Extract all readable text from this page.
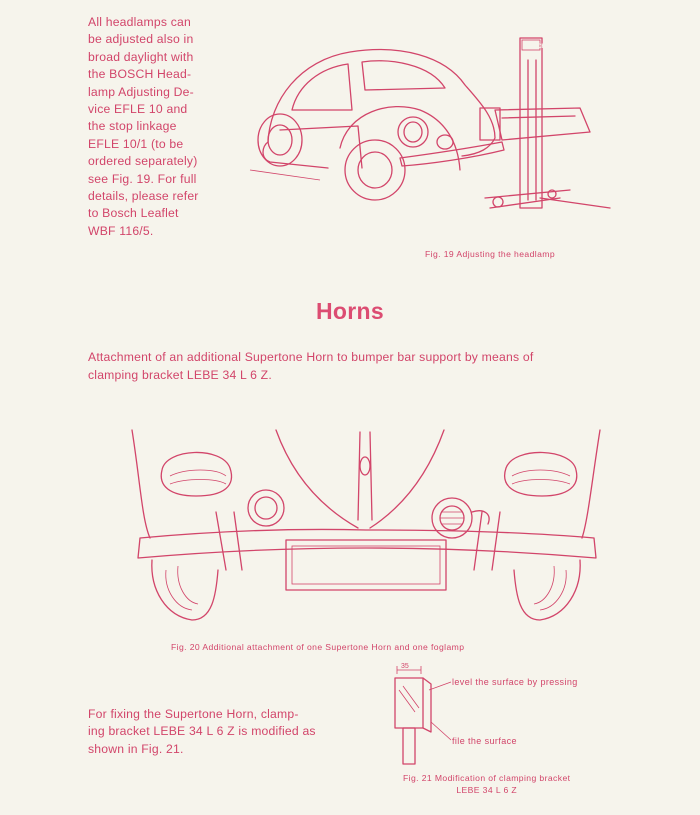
All headlamps can
be adjusted also in
broad daylight with
the BOSCH Head-
lamp Adjusting De-
vice EFLE 10 and
the stop linkage
EFLE 10/1 (to be
ordered separately)
see Fig. 19. For full
details, please refer
to Bosch Leaflet
WBF 116/5.
BOSCH
Fig. 19 Adjusting the headlamp
Horns
Attachment of an additional Supertone Horn to bumper bar support by means of
clamping bracket LEBE 34 L 6 Z.
Fig. 20 Additional attachment of one Supertone Horn and one foglamp
For fixing the Supertone Horn, clamp-
ing bracket LEBE 34 L 6 Z is modified as
shown in Fig. 21.
35
level the surface by pressing
file the surface
Fig. 21 Modification of clamping bracket
LEBE 34 L 6 Z
